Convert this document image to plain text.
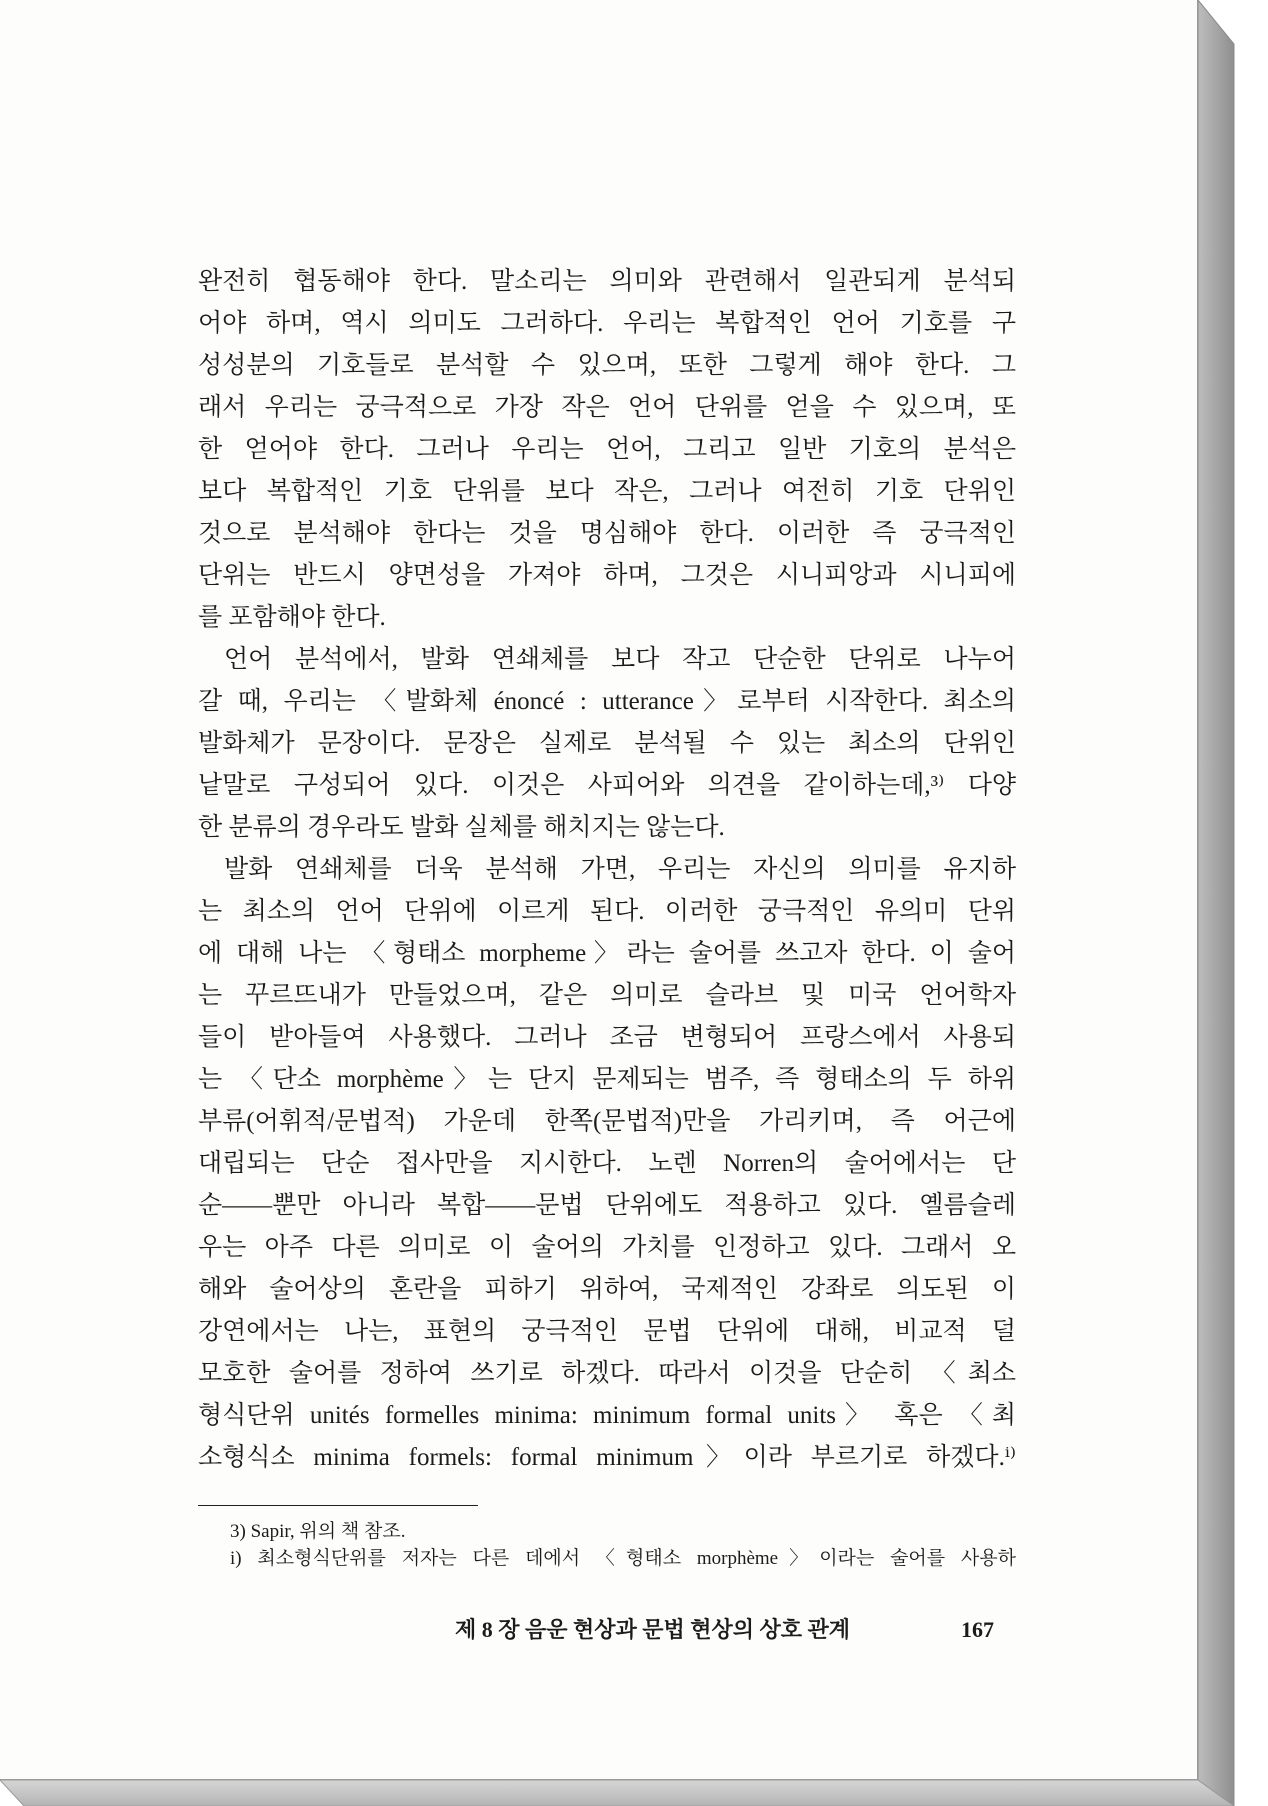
완전히 협동해야 한다. 말소리는 의미와 관련해서 일관되게 분석되
어야 하며, 역시 의미도 그러하다. 우리는 복합적인 언어 기호를 구
성성분의 기호들로 분석할 수 있으며, 또한 그렇게 해야 한다. 그
래서 우리는 궁극적으로 가장 작은 언어 단위를 얻을 수 있으며, 또
한 얻어야 한다. 그러나 우리는 언어, 그리고 일반 기호의 분석은
보다 복합적인 기호 단위를 보다 작은, 그러나 여전히 기호 단위인
것으로 분석해야 한다는 것을 명심해야 한다. 이러한 즉 궁극적인
단위는 반드시 양면성을 가져야 하며, 그것은 시니피앙과 시니피에
를 포함해야 한다.
언어 분석에서, 발화 연쇄체를 보다 작고 단순한 단위로 나누어
갈 때, 우리는 〈발화체 énoncé : utterance〉로부터 시작한다. 최소의
발화체가 문장이다. 문장은 실제로 분석될 수 있는 최소의 단위인
낱말로 구성되어 있다. 이것은 사피어와 의견을 같이하는데,³⁾ 다양
한 분류의 경우라도 발화 실체를 해치지는 않는다.
발화 연쇄체를 더욱 분석해 가면, 우리는 자신의 의미를 유지하
는 최소의 언어 단위에 이르게 된다. 이러한 궁극적인 유의미 단위
에 대해 나는 〈형태소 morpheme〉라는 술어를 쓰고자 한다. 이 술어
는 꾸르뜨내가 만들었으며, 같은 의미로 슬라브 및 미국 언어학자
들이 받아들여 사용했다. 그러나 조금 변형되어 프랑스에서 사용되
는 〈단소 morphème〉는 단지 문제되는 범주, 즉 형태소의 두 하위
부류(어휘적/문법적) 가운데 한쪽(문법적)만을 가리키며, 즉 어근에
대립되는 단순 접사만을 지시한다. 노렌 Norren의 술어에서는 단
순——뿐만 아니라 복합——문법 단위에도 적용하고 있다. 옐름슬레
우는 아주 다른 의미로 이 술어의 가치를 인정하고 있다. 그래서 오
해와 술어상의 혼란을 피하기 위하여, 국제적인 강좌로 의도된 이
강연에서는 나는, 표현의 궁극적인 문법 단위에 대해, 비교적 덜
모호한 술어를 정하여 쓰기로 하겠다. 따라서 이것을 단순히 〈최소
형식단위 unités formelles minima: minimum formal units〉 혹은 〈최
소형식소 minima formels: formal minimum〉이라 부르기로 하겠다.ⁱ⁾
3) Sapir, 위의 책 참조.
i) 최소형식단위를 저자는 다른 데에서 〈형태소 morphème〉이라는 술어를 사용하
제 8 장 음운 현상과 문법 현상의 상호 관계	167
